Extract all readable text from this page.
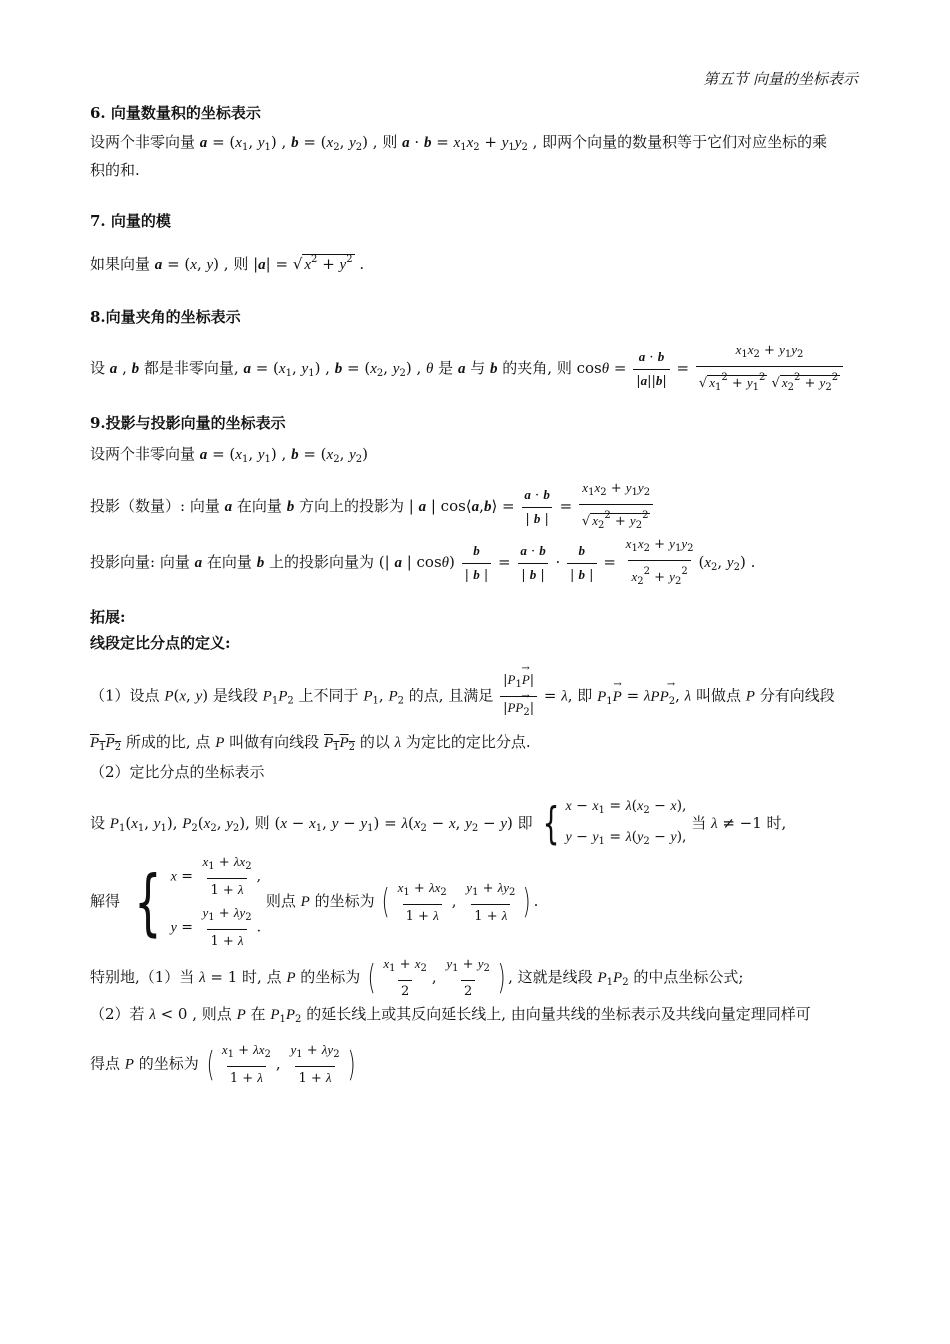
第五节 向量的坐标表示
6. 向量数量积的坐标表示
设两个非零向量 $a = (x_1$, $y_1$) , $b = (x_2$, $y_2$) , 则 $a \cdot b = x_1x_2 + y_1y_2$ , 即两个向量的数量积等于它们对应坐标的乘
积的和.
7. 向量的模
如果向量 a = (x, y) , 则 |a| = √ $x^2 + y^2$ .
8.向量夹角的坐标表示
设 a , b 都是非零向量, $a = (x_1$, $y_1$) , $b = (x_2$, $y_2$) , θ 是 a 与 b 的夹角, 则 $\cos\theta = \frac{a \cdot b}{|a||b|} = \frac{x_1x_2 + y_1y_2}{√ x_1^2 + y_1^2 √ x_2^2 + y_2^2}$
9.投影与投影向量的坐标表示
设两个非零向量 $a = (x_1$, $y_1$) , $b = (x_2$, $y_2$)
投影（数量）: 向量 a 在向量 b 方向上的投影为 | a | cos⟨a,b⟩ = $\frac{a \cdot b}{| b |} = \frac{x_1x_2 + y_1y_2}{√ x_2^2 + y_2^2}$
投影向量: 向量 a 在向量 b 上的投影向量为 (| a | $\cos\theta) \frac{b}{| b |} = \frac{a \cdot b}{| b |} \cdot \frac{b}{| b |} = \frac{x_1x_2 + y_1y_2}{x_2^2 + y_2^2} (x_2$, $y_2$) .
拓展:
线段定比分点的定义:
（1）设点 P(x, y) 是线段 $P_1P_2$ 上不同于 $P_1$, $P_2$ 的点, 且满足 $\frac{|\to P_1P|}{|\to PP_2|} = \lambda$, 即 → $P_1P = \lambda\to PP_2$, λ 叫做点 P 分有向线段
$P_1P_2$ 所成的比, 点 P 叫做有向线段 $P_1P_2$ 的以 λ 为定比的定比分点.
（2）定比分点的坐标表示
设 $P_1(x_1$, $y_1$), $P_2(x_2$, $y_2$), 则 ($x - x_1$, $y - y_1) = \lambda(x_2 - x$, $y_2 - y$) 即 { $x - x_1 = \lambda(x_2 - x)$,
$y - y_1 = \lambda(y_2 - y)$,
当 λ ≠ −1 时,
解得 { $x = \frac{x_1 + \lambda x_2}{1 + \lambda}$ ,
$y = \frac{y_1 + \lambda y_2}{1 + \lambda}$ .
则点 P 的坐标为 ( $\frac{x_1 + \lambda x_2}{1 + \lambda}$ , $\frac{y_1 + \lambda y_2}{1 + \lambda}$ ) .
特别地,（1）当 λ = 1 时, 点 P 的坐标为 ( $\frac{x_1 + x_2}{2}$ , $\frac{y_1 + y_2}{2}$ ) , 这就是线段 $P_1P_2$ 的中点坐标公式;
（2）若 λ < 0 , 则点 P 在 $P_1P_2$ 的延长线上或其反向延长线上, 由向量共线的坐标表示及共线向量定理同样可
得点 P 的坐标为 ( $\frac{x_1 + \lambda x_2}{1 + \lambda}$ , $\frac{y_1 + \lambda y_2}{1 + \lambda}$ )
